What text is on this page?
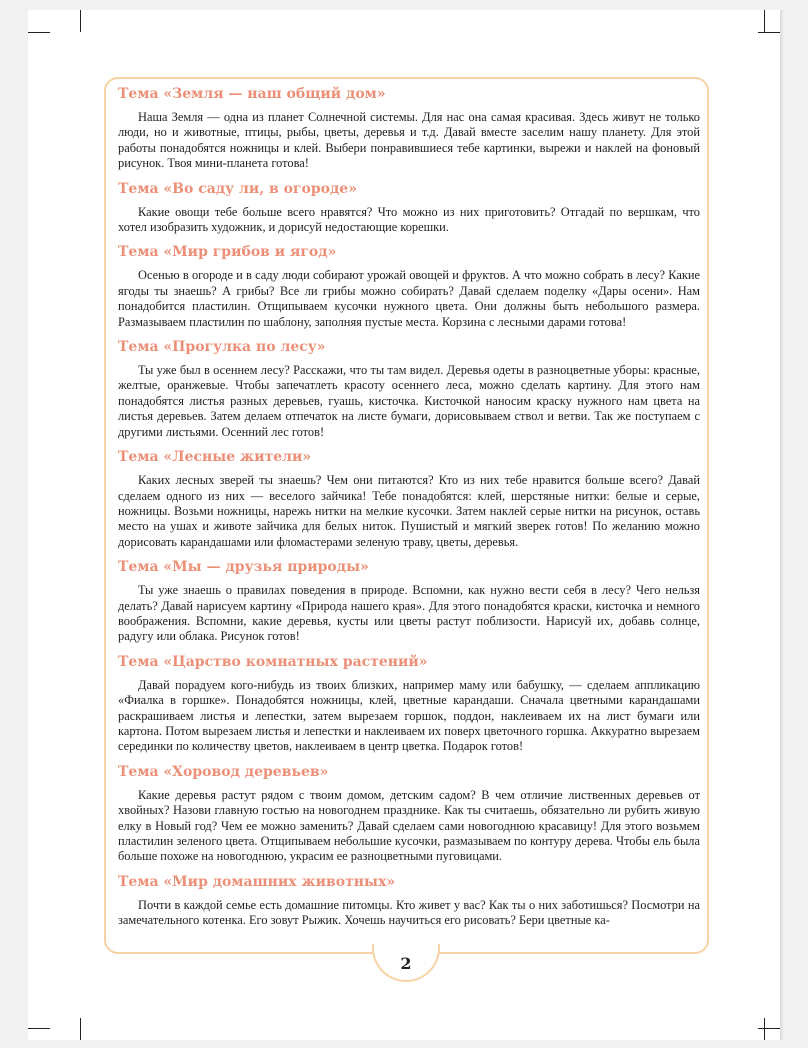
Тема «Земля — наш общий дом»

Наша Земля — одна из планет Солнечной системы. Для нас она самая красивая. Здесь живут не только люди, но и животные, птицы, рыбы, цветы, деревья и т.д. Давай вместе заселим нашу планету. Для этой работы понадобятся ножницы и клей. Выбери понравившиеся тебе картинки, вырежи и наклей на фоновый рисунок. Твоя мини-планета готова!

Тема «Во саду ли, в огороде»

Какие овощи тебе больше всего нравятся? Что можно из них приготовить? Отгадай по вершкам, что хотел изобразить художник, и дорисуй недостающие корешки.

Тема «Мир грибов и ягод»

Осенью в огороде и в саду люди собирают урожай овощей и фруктов. А что можно собрать в лесу? Какие ягоды ты знаешь? А грибы? Все ли грибы можно собирать? Давай сделаем поделку «Дары осени». Нам понадобится пластилин. Отщипываем кусочки нужного цвета. Они должны быть небольшого размера. Размазываем пластилин по шаблону, заполняя пустые места. Корзина с лесными дарами готова!

Тема «Прогулка по лесу»

Ты уже был в осеннем лесу? Расскажи, что ты там видел. Деревья одеты в разноцветные уборы: красные, желтые, оранжевые. Чтобы запечатлеть красоту осеннего леса, можно сделать картину. Для этого нам понадобятся листья разных деревьев, гуашь, кисточка. Кисточкой наносим краску нужного нам цвета на листья деревьев. Затем делаем отпечаток на листе бумаги, дорисовываем ствол и ветви. Так же поступаем с другими листьями. Осенний лес готов!

Тема «Лесные жители»

Каких лесных зверей ты знаешь? Чем они питаются? Кто из них тебе нравится больше всего? Давай сделаем одного из них — веселого зайчика! Тебе понадобятся: клей, шерстяные нитки: белые и серые, ножницы. Возьми ножницы, нарежь нитки на мелкие кусочки. Затем наклей серые нитки на рисунок, оставь место на ушах и животе зайчика для белых ниток. Пушистый и мягкий зверек готов! По желанию можно дорисовать карандашами или фломастерами зеленую траву, цветы, деревья.

Тема «Мы — друзья природы»

Ты уже знаешь о правилах поведения в природе. Вспомни, как нужно вести себя в лесу? Чего нельзя делать? Давай нарисуем картину «Природа нашего края». Для этого понадобятся краски, кисточка и немного воображения. Вспомни, какие деревья, кусты или цветы растут поблизости. Нарисуй их, добавь солнце, радугу или облака. Рисунок готов!

Тема «Царство комнатных растений»

Давай порадуем кого-нибудь из твоих близких, например маму или бабушку, — сделаем аппликацию «Фиалка в горшке». Понадобятся ножницы, клей, цветные карандаши. Сначала цветными карандашами раскрашиваем листья и лепестки, затем вырезаем горшок, поддон, наклеиваем их на лист бумаги или картона. Потом вырезаем листья и лепестки и наклеиваем их поверх цветочного горшка. Аккуратно вырезаем серединки по количеству цветов, наклеиваем в центр цветка. Подарок готов!

Тема «Хоровод деревьев»

Какие деревья растут рядом с твоим домом, детским садом? В чем отличие лиственных деревьев от хвойных? Назови главную гостью на новогоднем празднике. Как ты считаешь, обязательно ли рубить живую елку в Новый год? Чем ее можно заменить? Давай сделаем сами новогоднюю красавицу! Для этого возьмем пластилин зеленого цвета. Отщипываем небольшие кусочки, размазываем по контуру дерева. Чтобы ель была больше похоже на новогоднюю, украсим ее разноцветными пуговицами.

Тема «Мир домашних животных»

Почти в каждой семье есть домашние питомцы. Кто живет у вас? Как ты о них заботишься? Посмотри на замечательного котенка. Его зовут Рыжик. Хочешь научиться его рисовать? Бери цветные ка-

2
